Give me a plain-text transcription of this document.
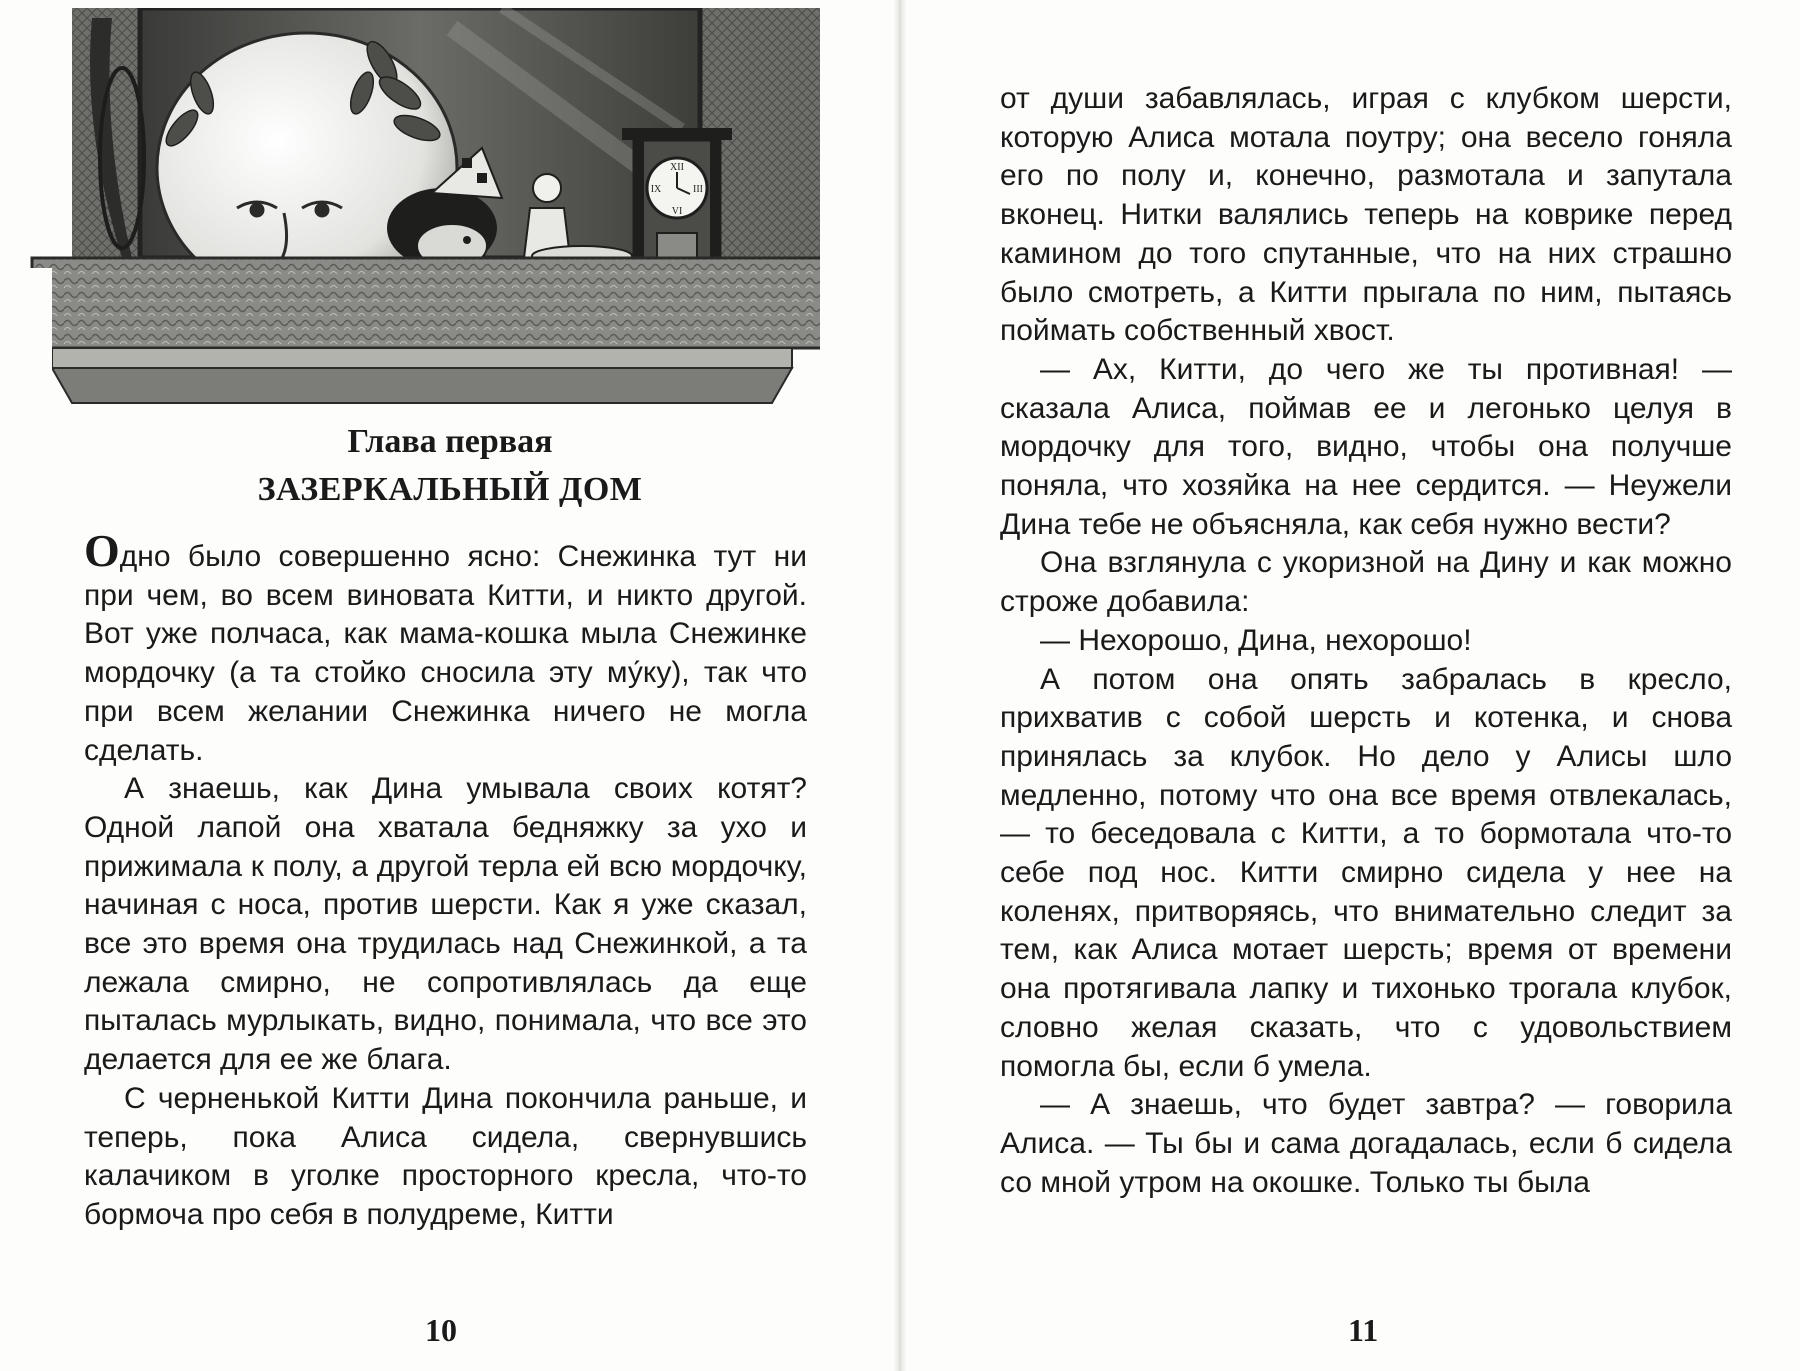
XII
III
VI
IX
Глава первая
ЗАЗЕРКАЛЬНЫЙ ДОМ

Одно было совершенно ясно: Снежинка тут ни при чем, во всем виновата Китти, и никто другой. Вот уже полчаса, как мама-кошка мыла Снежинке мордочку (а та стойко сносила эту му́ку), так что при всем желании Снежинка ничего не могла сделать.

А знаешь, как Дина умывала своих котят? Одной лапой она хватала бедняжку за ухо и прижимала к полу, а другой терла ей всю мордочку, начиная с носа, против шерсти. Как я уже сказал, все это время она трудилась над Снежинкой, а та лежала смирно, не сопротивлялась да еще пыталась мурлыкать, видно, понимала, что все это делается для ее же блага.

С черненькой Китти Дина покончила раньше, и теперь, пока Алиса сидела, свернувшись калачиком в уголке просторного кресла, что-то бормоча про себя в полудреме, Китти

10

от души забавлялась, играя с клубком шерсти, которую Алиса мотала поутру; она весело гоняла его по полу и, конечно, размотала и запутала вконец. Нитки валялись теперь на коврике перед камином до того спутанные, что на них страшно было смотреть, а Китти прыгала по ним, пытаясь поймать собственный хвост.

— Ах, Китти, до чего же ты противная! — сказала Алиса, поймав ее и легонько целуя в мордочку для того, видно, чтобы она получше поняла, что хозяйка на нее сердится. — Неужели Дина тебе не объясняла, как себя нужно вести?

Она взглянула с укоризной на Дину и как можно строже добавила:

— Нехорошо, Дина, нехорошо!

А потом она опять забралась в кресло, прихватив с собой шерсть и котенка, и снова принялась за клубок. Но дело у Алисы шло медленно, потому что она все время отвлекалась, — то беседовала с Китти, а то бормотала что-то себе под нос. Китти смирно сидела у нее на коленях, притворяясь, что внимательно следит за тем, как Алиса мотает шерсть; время от времени она протягивала лапку и тихонько трогала клубок, словно желая сказать, что с удовольствием помогла бы, если б умела.

— А знаешь, что будет завтра? — говорила Алиса. — Ты бы и сама догадалась, если б сидела со мной утром на окошке. Только ты была

11
